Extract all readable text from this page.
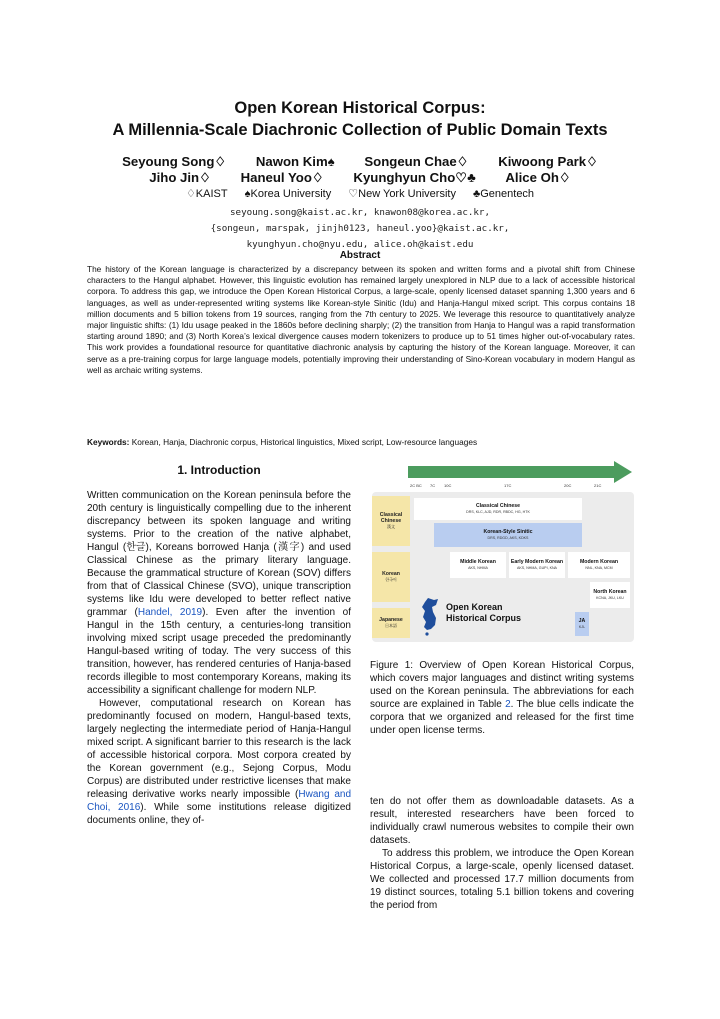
Open Korean Historical Corpus:
A Millennia-Scale Diachronic Collection of Public Domain Texts
Seyoung Song♢ Nawon Kim♠ Songeun Chae♢ Kiwoong Park♢
Jiho Jin♢ Haneul Yoo♢ Kyunghyun Cho♡♣ Alice Oh♢
♢KAIST ♠Korea University ♡New York University ♣Genentech
seyoung.song@kaist.ac.kr, knawon08@korea.ac.kr,
{songeun, marspak, jinjh0123, haneul.yoo}@kaist.ac.kr,
kyunghyun.cho@nyu.edu, alice.oh@kaist.edu
Abstract
The history of the Korean language is characterized by a discrepancy between its spoken and written forms and a pivotal shift from Chinese characters to the Hangul alphabet. However, this linguistic evolution has remained largely unexplored in NLP due to a lack of accessible historical corpora. To address this gap, we introduce the Open Korean Historical Corpus, a large-scale, openly licensed dataset spanning 1,300 years and 6 languages, as well as under-represented writing systems like Korean-style Sinitic (Idu) and Hanja-Hangul mixed script. This corpus contains 18 million documents and 5 billion tokens from 19 sources, ranging from the 7th century to 2025. We leverage this resource to quantitatively analyze major linguistic shifts: (1) Idu usage peaked in the 1860s before declining sharply; (2) the transition from Hanja to Hangul was a rapid transformation starting around 1890; and (3) North Korea’s lexical divergence causes modern tokenizers to produce up to 51 times higher out-of-vocabulary rates. This work provides a foundational resource for quantitative diachronic analysis by capturing the history of the Korean language. Moreover, it can serve as a pre-training corpus for large language models, potentially improving their understanding of Sino-Korean vocabulary in modern Hangul as well as archaic writing systems.
Keywords: Korean, Hanja, Diachronic corpus, Historical linguistics, Mixed script, Low-resource languages
1. Introduction

Written communication on the Korean peninsula before the 20th century is linguistically compelling due to the inherent discrepancy between its spoken language and writing systems. Prior to the creation of the native alphabet, Hangul (한글), Koreans borrowed Hanja (漢字) and used Classical Chinese as the primary literary language. Because the grammatical structure of Korean (SOV) differs from that of Classical Chinese (SVO), unique transcription systems like Idu were developed to better reflect native grammar (Handel, 2019). Even after the invention of Hangul in the 15th century, a centuries-long transition involving mixed script usage preceded the predominantly Hangul-based writing of today. The very success of this transition, however, has rendered centuries of Hanja-based records illegible to most contemporary Koreans, making its accessibility a significant challenge for modern NLP.

However, computational research on Korean has predominantly focused on modern, Hangul-based texts, largely neglecting the intermediate period of Hanja-Hangul mixed script. A significant barrier to this research is the lack of accessible historical corpora. Most corpora created by the Korean government (e.g., Sejong Corpus, Modu Corpus) are distributed under restrictive licenses that make releasing derivative works nearly impossible (Hwang and Choi, 2016). While some institutions release digitized documents online, they of-

2C BC 7C 10C	17C	20C	21C
Classical Chinese
漢文
Korean
한국어
Japanese
日本語
Classical Chinese
DRS, KLC, AJD, RDR, RBDC, HG, HTK
Korean-Style Sinitic
DRS, RDGD, AKS, KDKS
Middle Korean
AKS, NHMA
Early Modern Korean
AKS, NHMA, GUPI, KNA
Modern Korean
NNL, KNA, MCM
North Korean
KCNA, JKU, LKU
JA
KJL
Open Korean Historical Corpus

Figure 1: Overview of Open Korean Historical Corpus, which covers major languages and distinct writing systems used on the Korean peninsula. The abbreviations for each source are explained in Table 2. The blue cells indicate the corpora that we organized and released for the first time under open license terms.

ten do not offer them as downloadable datasets. As a result, interested researchers have been forced to individually crawl numerous websites to compile their own datasets.

To address this problem, we introduce the Open Korean Historical Corpus, a large-scale, openly licensed dataset. We collected and processed 17.7 million documents from 19 distinct sources, totaling 5.1 billion tokens and covering the period from
